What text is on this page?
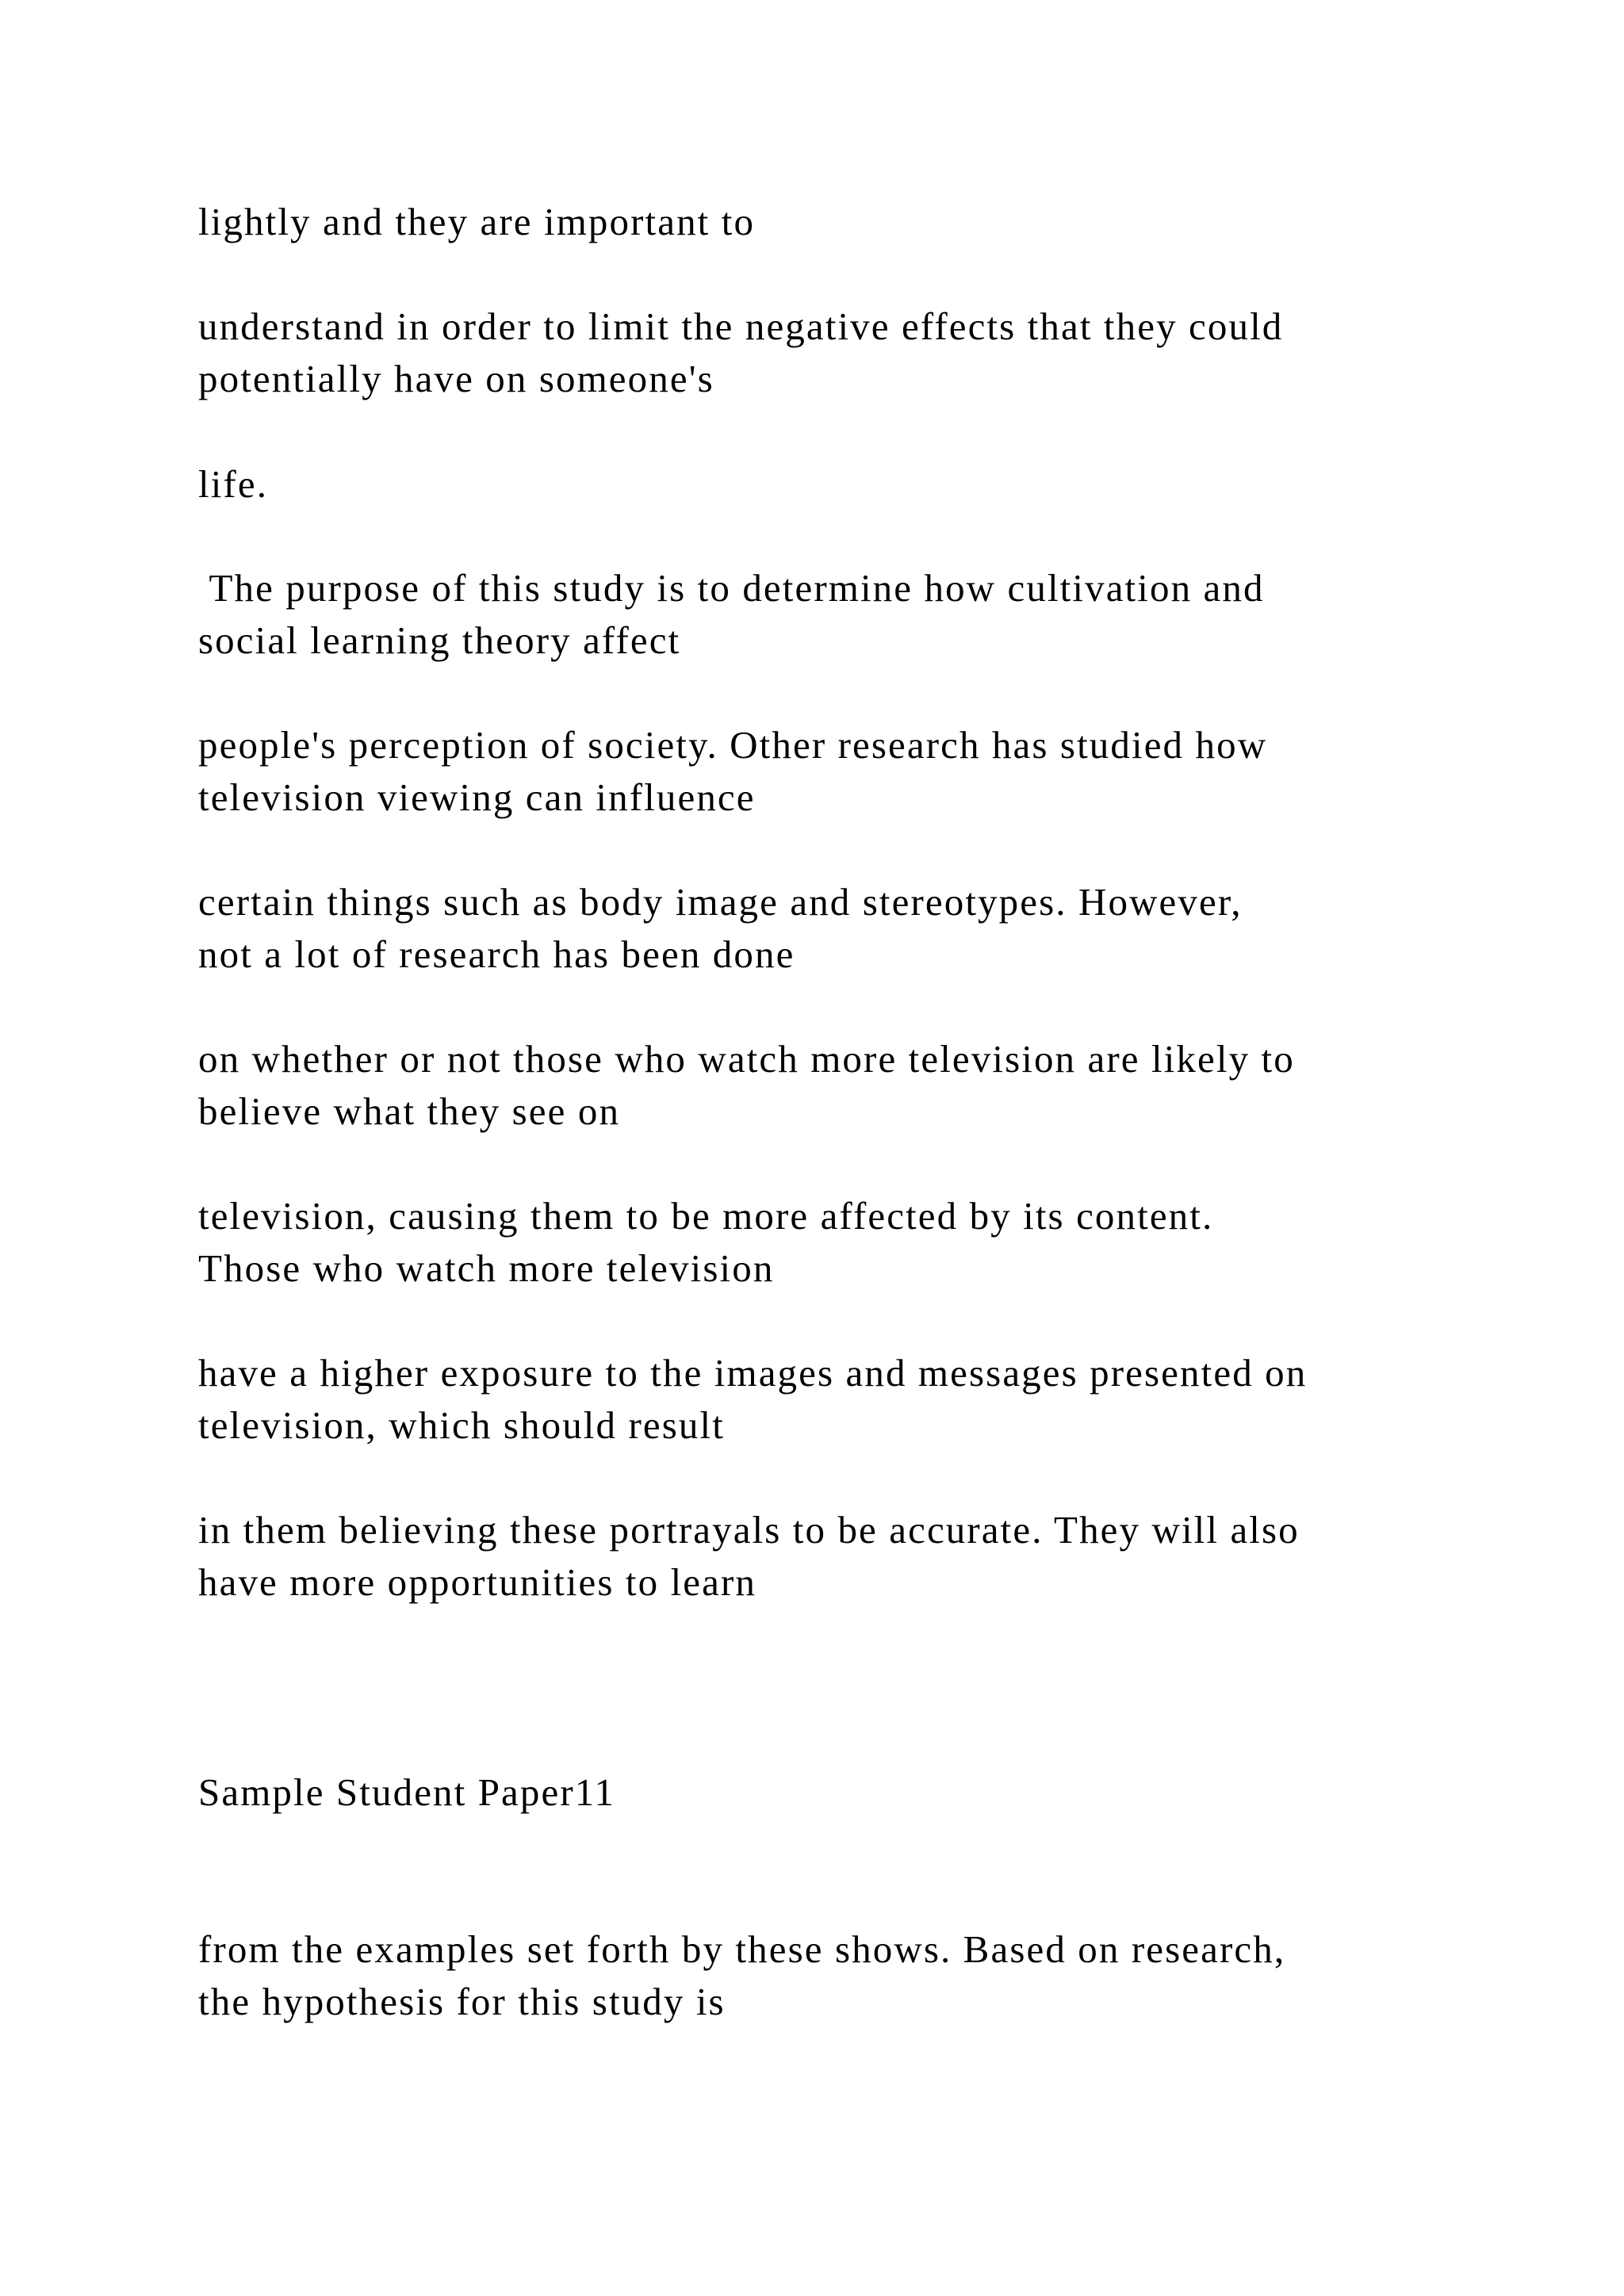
lightly and they are important to

understand in order to limit the negative effects that they could

potentially have on someone's

life.

The purpose of this study is to determine how cultivation and

social learning theory affect

people's perception of society. Other research has studied how

television viewing can influence

certain things such as body image and stereotypes. However,

not a lot of research has been done

on whether or not those who watch more television are likely to

believe what they see on

television, causing them to be more affected by its content.

Those who watch more television

have a higher exposure to the images and messages presented on

television, which should result

in them believing these portrayals to be accurate. They will also

have more opportunities to learn

Sample Student Paper11

from the examples set forth by these shows. Based on research,

the hypothesis for this study is
